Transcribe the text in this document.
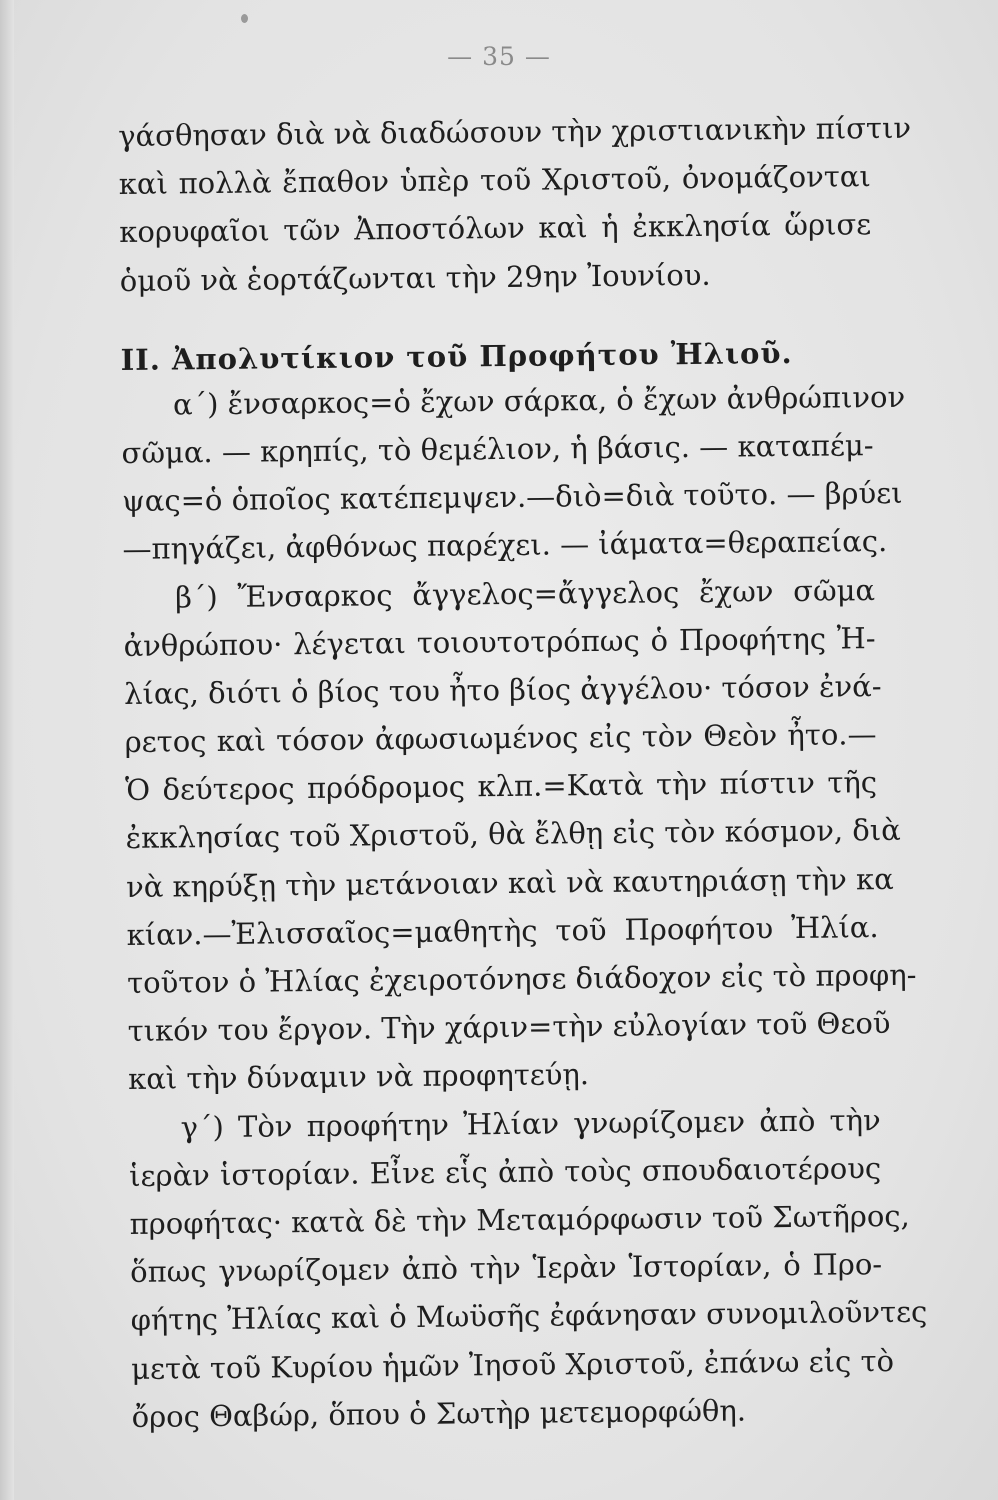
— 35 —
γάσθησαν διὰ νὰ διαδώσουν τὴν χριστιανικὴν πίστιν
καὶ πολλὰ ἔπαθον ὑπὲρ τοῦ Χριστοῦ, ὀνομάζονται
κορυφαῖοι τῶν Ἀποστόλων καὶ ἡ ἐκκλησία ὥρισε
ὁμοῦ νὰ ἑορτάζωνται τὴν 29ην Ἰουνίου.
ΙΙ. Ἀπολυτίκιον τοῦ Προφήτου Ἠλιοῦ.
α΄) ἔνσαρκος=ὁ ἔχων σάρκα, ὁ ἔχων ἀνθρώπινον
σῶμα. — κρηπίς, τὸ θεμέλιον, ἡ βάσις. — καταπέμ-
ψας=ὁ ὁποῖος κατέπεμψεν.—διὸ=διὰ τοῦτο. — βρύει
—πηγάζει, ἀφθόνως παρέχει. — ἰάματα=θεραπείας.
β΄) Ἔνσαρκος ἄγγελος=ἄγγελος ἔχων σῶμα
ἀνθρώπου· λέγεται τοιουτοτρόπως ὁ Προφήτης Ἠ-
λίας, διότι ὁ βίος του ἦτο βίος ἀγγέλου· τόσον ἐνά-
ρετος καὶ τόσον ἀφωσιωμένος εἰς τὸν Θεὸν ἦτο.—
Ὁ δεύτερος πρόδρομος κλπ.=Κατὰ τὴν πίστιν τῆς
ἐκκλησίας τοῦ Χριστοῦ, θὰ ἔλθῃ εἰς τὸν κόσμον, διὰ
νὰ κηρύξῃ τὴν μετάνοιαν καὶ νὰ καυτηριάσῃ τὴν κα
κίαν.—Ἐλισσαῖος=μαθητὴς τοῦ Προφήτου Ἠλία.
τοῦτον ὁ Ἠλίας ἐχειροτόνησε διάδοχον εἰς τὸ προφη-
τικόν του ἔργον. Τὴν χάριν=τὴν εὐλογίαν τοῦ Θεοῦ
καὶ τὴν δύναμιν νὰ προφητεύῃ.
γ΄) Τὸν προφήτην Ἠλίαν γνωρίζομεν ἀπὸ τὴν
ἱερὰν ἱστορίαν. Εἶνε εἷς ἀπὸ τοὺς σπουδαιοτέρους
προφήτας· κατὰ δὲ τὴν Μεταμόρφωσιν τοῦ Σωτῆρος,
ὅπως γνωρίζομεν ἀπὸ τὴν Ἱερὰν Ἱστορίαν, ὁ Προ-
φήτης Ἠλίας καὶ ὁ Μωϋσῆς ἐφάνησαν συνομιλοῦντες
μετὰ τοῦ Κυρίου ἡμῶν Ἰησοῦ Χριστοῦ, ἐπάνω εἰς τὸ
ὄρος Θαβώρ, ὅπου ὁ Σωτὴρ μετεμορφώθη.
